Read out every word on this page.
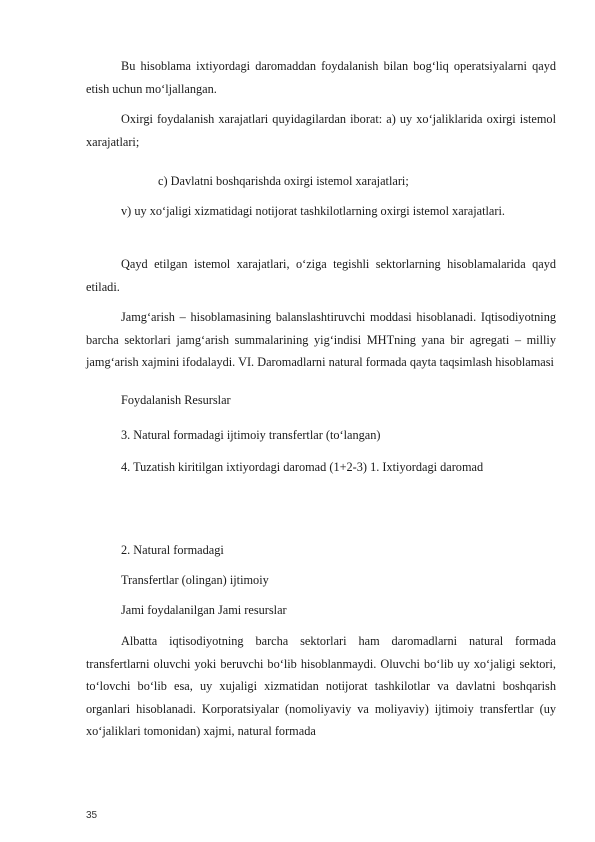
Bu hisoblama ixtiyordagi daromaddan foydalanish bilan bog‘liq operatsiyalarni qayd etish uchun mo‘ljallangan.

Oxirgi foydalanish xarajatlari quyidagilardan iborat: a) uy xo‘jaliklarida oxirgi istemol xarajatlari;

c) Davlatni boshqarishda oxirgi istemol xarajatlari;

v) uy xo‘jaligi xizmatidagi notijorat tashkilotlarning oxirgi istemol xarajatlari.

Qayd etilgan istemol xarajatlari, o‘ziga tegishli sektorlarning hisoblamalarida qayd etiladi.

Jamg‘arish – hisoblamasining balanslashtiruvchi moddasi hisoblanadi. Iqtisodiyotning barcha sektorlari jamg‘arish summalarining yig‘indisi MHTning yana bir agregati – milliy jamg‘arish xajmini ifodalaydi. VI. Daromadlarni natural formada qayta taqsimlash hisoblamasi

Foydalanish Resurslar

3. Natural formadagi ijtimoiy transfertlar (to‘langan)

4. Tuzatish kiritilgan ixtiyordagi daromad (1+2-3) 1. Ixtiyordagi daromad

2. Natural formadagi

Transfertlar (olingan) ijtimoiy

Jami foydalanilgan Jami resurslar

Albatta iqtisodiyotning barcha sektorlari ham daromadlarni natural formada transfertlarni oluvchi yoki beruvchi bo‘lib hisoblanmaydi. Oluvchi bo‘lib uy xo‘jaligi sektori, to‘lovchi bo‘lib esa, uy xujaligi xizmatidan notijorat tashkilotlar va davlatni boshqarish organlari hisoblanadi. Korporatsiyalar (nomoliyaviy va moliyaviy) ijtimoiy transfertlar (uy xo‘jaliklari tomonidan) xajmi, natural formada

35
